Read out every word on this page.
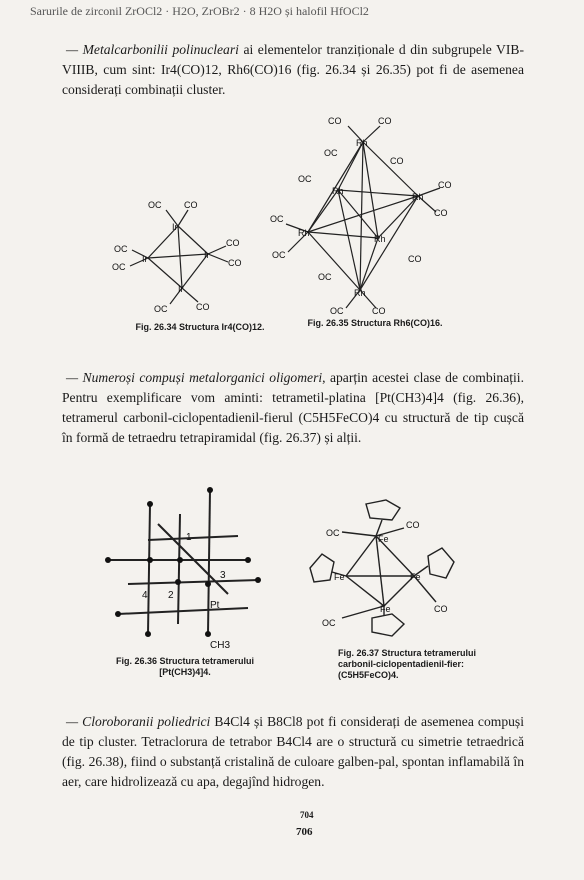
Sarurile de zirconil ZrOCl2 · H2O, ZrOBr2 · 8 H2O și halofil HfOCl2
— Metalcarbonilii polinucleari ai elementelor tranziționale d din subgrupele VIB-VIIIB, cum sint: Ir4(CO)12, Rh6(CO)16 (fig. 26.34 și 26.35) pot fi de asemenea considerați combinații cluster.
Ir
Ir	Ir
Ir
OC	CO
OC
OC
CO
CO
OC	CO
Fig. 26.34 Structura Ir4(CO)12.
Rh
Rh
Rh
Rh
Rh
Rh
CO	CO
OC
CO
OC
CO
CO
OC
OC	CO
OC
OC	CO
Fig. 26.35 Structura Rh6(CO)16.
— Numeroși compuși metalorganici oligomeri, aparțin acestei clase de combinații. Pentru exemplificare vom aminti: tetrametil-platina [Pt(CH3)4]4 (fig. 26.36), tetramerul carbonil-ciclopentadienil-fierul (C5H5FeCO)4 cu structură de tip cușcă în formă de tetraedru tetrapiramidal (fig. 26.37) și alții.
1
2
3
4
Pt
CH3
Fig. 26.36 Structura tetramerului [Pt(CH3)4]4.
Fe
Fe	Fe
Fe
OC
CO
OC
CO
Fig. 26.37 Structura tetramerului carbonil-ciclopentadienil-fier: (C5H5FeCO)4.
— Cloroboranii poliedrici B4Cl4 și B8Cl8 pot fi considerați de asemenea compuși de tip cluster. Tetraclorura de tetrabor B4Cl4 are o structură cu simetrie tetraedrică (fig. 26.38), fiind o substanță cristalină de culoare galben-pal, spontan inflamabilă în aer, care hidrolizează cu apa, degajînd hidrogen.
704
706
